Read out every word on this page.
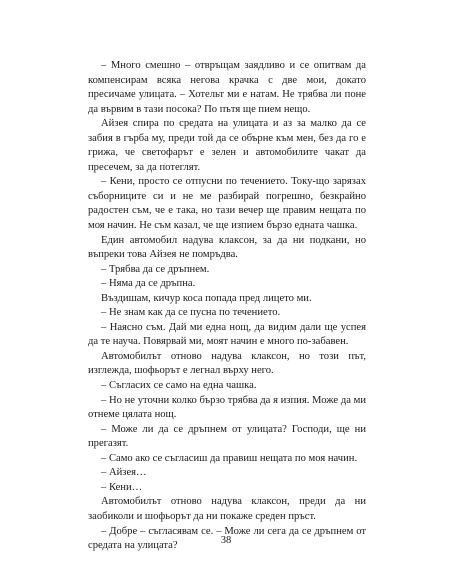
– Много смешно – отвръщам заядливо и се опитвам да компенсирам всяка негова крачка с две мои, докато пресичаме улицата. – Хотельт ми е натам. Не трябва ли поне да вървим в тази посока? По пътя ще пием нещо.

Айзея спира по средата на улицата и аз за малко да се забия в гърба му, преди той да се обърне към мен, без да го е грижа, че светофарът е зелен и автомобилите чакат да пресечем, за да потеглят.

– Кени, просто се отпусни по течението. Току-що зарязах съборниците си и не ме разбирай погрешно, безкрайно радостен съм, че е така, но тази вечер ще правим нещата по моя начин. Не съм казал, че ще изпием бързо едната чашка.

Един автомобил надува клаксон, за да ни подкани, но въпреки това Айзея не помръдва.

– Трябва да се дръпнем.

– Няма да се дръпна.

Въздишам, кичур коса попада пред лицето ми.

– Не знам как да се пусна по течението.

– Наясно съм. Дай ми една нощ, да видим дали ще успея да те науча. Повярвай ми, моят начин е много по-забавен.

Автомобилът отново надува клаксон, но този път, изглежда, шофьорът е легнал върху него.

– Съгласих се само на една чашка.

– Но не уточни колко бързо трябва да я изпия. Може да ми отнеме цялата нощ.

– Може ли да се дръпнем от улицата? Господи, ще ни прегазят.

– Само ако се съгласиш да правиш нещата по моя начин.

– Айзея…

– Кени…

Автомобилът отново надува клаксон, преди да ни заобиколи и шофьорът да ни покаже среден пръст.

– Добре – съгласявам се. – Може ли сега да се дръпнем от средата на улицата?	38
